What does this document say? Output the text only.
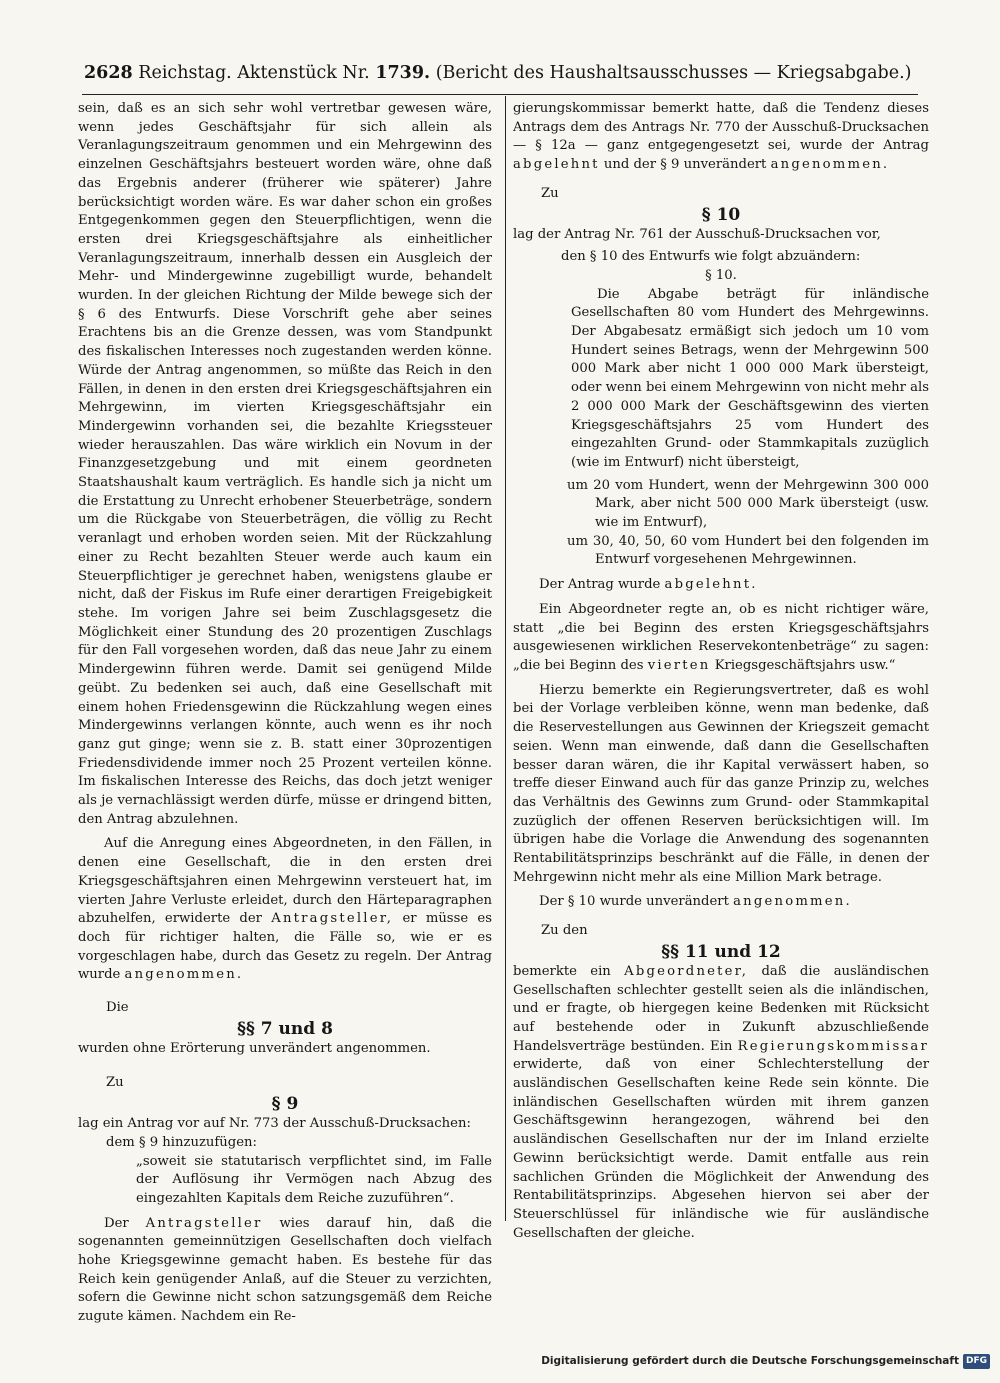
2628 Reichstag. Aktenstück Nr. 1739. (Bericht des Haushaltsausschusses — Kriegsabgabe.)

sein, daß es an sich sehr wohl vertretbar gewesen wäre, wenn jedes Geschäftsjahr für sich allein als Veranlagungszeitraum genommen und ein Mehrgewinn des einzelnen Geschäftsjahrs besteuert worden wäre, ohne daß das Ergebnis anderer (früherer wie späterer) Jahre berücksichtigt worden wäre. Es war daher schon ein großes Entgegenkommen gegen den Steuerpflichtigen, wenn die ersten drei Kriegsgeschäftsjahre als einheitlicher Veranlagungszeitraum, innerhalb dessen ein Ausgleich der Mehr- und Mindergewinne zugebilligt wurde, behandelt wurden. In der gleichen Richtung der Milde bewege sich der § 6 des Entwurfs. Diese Vorschrift gehe aber seines Erachtens bis an die Grenze dessen, was vom Standpunkt des fiskalischen Interesses noch zugestanden werden könne. Würde der Antrag angenommen, so müßte das Reich in den Fällen, in denen in den ersten drei Kriegsgeschäftsjahren ein Mehrgewinn, im vierten Kriegsgeschäftsjahr ein Mindergewinn vorhanden sei, die bezahlte Kriegssteuer wieder herauszahlen. Das wäre wirklich ein Novum in der Finanzgesetzgebung und mit einem geordneten Staatshaushalt kaum verträglich. Es handle sich ja nicht um die Erstattung zu Unrecht erhobener Steuerbeträge, sondern um die Rückgabe von Steuerbeträgen, die völlig zu Recht veranlagt und erhoben worden seien. Mit der Rückzahlung einer zu Recht bezahlten Steuer werde auch kaum ein Steuerpflichtiger je gerechnet haben, wenigstens glaube er nicht, daß der Fiskus im Rufe einer derartigen Freigebigkeit stehe. Im vorigen Jahre sei beim Zuschlagsgesetz die Möglichkeit einer Stundung des 20 prozentigen Zuschlags für den Fall vorgesehen worden, daß das neue Jahr zu einem Mindergewinn führen werde. Damit sei genügend Milde geübt. Zu bedenken sei auch, daß eine Gesellschaft mit einem hohen Friedensgewinn die Rückzahlung wegen eines Mindergewinns verlangen könnte, auch wenn es ihr noch ganz gut ginge; wenn sie z. B. statt einer 30prozentigen Friedensdividende immer noch 25 Prozent verteilen könne. Im fiskalischen Interesse des Reichs, das doch jetzt weniger als je vernachlässigt werden dürfe, müsse er dringend bitten, den Antrag abzulehnen.

Auf die Anregung eines Abgeordneten, in den Fällen, in denen eine Gesellschaft, die in den ersten drei Kriegsgeschäftsjahren einen Mehrgewinn versteuert hat, im vierten Jahre Verluste erleidet, durch den Härteparagraphen abzuhelfen, erwiderte der Antragsteller, er müsse es doch für richtiger halten, die Fälle so, wie er es vorgeschlagen habe, durch das Gesetz zu regeln. Der Antrag wurde angenommen.

Die

§§ 7 und 8

wurden ohne Erörterung unverändert angenommen.

Zu

§ 9

lag ein Antrag vor auf Nr. 773 der Ausschuß-Drucksachen:

dem § 9 hinzuzufügen:

„soweit sie statutarisch verpflichtet sind, im Falle der Auflösung ihr Vermögen nach Abzug des eingezahlten Kapitals dem Reiche zuzuführen“.

Der Antragsteller wies darauf hin, daß die sogenannten gemeinnützigen Gesellschaften doch vielfach hohe Kriegsgewinne gemacht haben. Es bestehe für das Reich kein genügender Anlaß, auf die Steuer zu verzichten, sofern die Gewinne nicht schon satzungsgemäß dem Reiche zugute kämen. Nachdem ein Re-

gierungskommissar bemerkt hatte, daß die Tendenz dieses Antrags dem des Antrags Nr. 770 der Ausschuß-Drucksachen — § 12a — ganz entgegengesetzt sei, wurde der Antrag abgelehnt und der § 9 unverändert angenommen.

Zu

§ 10

lag der Antrag Nr. 761 der Ausschuß-Drucksachen vor,

den § 10 des Entwurfs wie folgt abzuändern:

§ 10.

Die Abgabe beträgt für inländische Gesellschaften 80 vom Hundert des Mehrgewinns. Der Abgabesatz ermäßigt sich jedoch um 10 vom Hundert seines Betrags, wenn der Mehrgewinn 500 000 Mark aber nicht 1 000 000 Mark übersteigt, oder wenn bei einem Mehrgewinn von nicht mehr als 2 000 000 Mark der Geschäftsgewinn des vierten Kriegsgeschäftsjahrs 25 vom Hundert des eingezahlten Grund- oder Stammkapitals zuzüglich (wie im Entwurf) nicht übersteigt,

um 20 vom Hundert, wenn der Mehrgewinn 300 000 Mark, aber nicht 500 000 Mark übersteigt (usw. wie im Entwurf),

um 30, 40, 50, 60 vom Hundert bei den folgenden im Entwurf vorgesehenen Mehrgewinnen.

Der Antrag wurde abgelehnt.

Ein Abgeordneter regte an, ob es nicht richtiger wäre, statt „die bei Beginn des ersten Kriegsgeschäftsjahrs ausgewiesenen wirklichen Reservekontenbeträge“ zu sagen: „die bei Beginn des vierten Kriegsgeschäftsjahrs usw.“

Hierzu bemerkte ein Regierungsvertreter, daß es wohl bei der Vorlage verbleiben könne, wenn man bedenke, daß die Reservestellungen aus Gewinnen der Kriegszeit gemacht seien. Wenn man einwende, daß dann die Gesellschaften besser daran wären, die ihr Kapital verwässert haben, so treffe dieser Einwand auch für das ganze Prinzip zu, welches das Verhältnis des Gewinns zum Grund- oder Stammkapital zuzüglich der offenen Reserven berücksichtigen will. Im übrigen habe die Vorlage die Anwendung des sogenannten Rentabilitätsprinzips beschränkt auf die Fälle, in denen der Mehrgewinn nicht mehr als eine Million Mark betrage.

Der § 10 wurde unverändert angenommen.

Zu den

§§ 11 und 12

bemerkte ein Abgeordneter, daß die ausländischen Gesellschaften schlechter gestellt seien als die inländischen, und er fragte, ob hiergegen keine Bedenken mit Rücksicht auf bestehende oder in Zukunft abzuschließende Handelsverträge bestünden. Ein Regierungskommissar erwiderte, daß von einer Schlechterstellung der ausländischen Gesellschaften keine Rede sein könnte. Die inländischen Gesellschaften würden mit ihrem ganzen Geschäftsgewinn herangezogen, während bei den ausländischen Gesellschaften nur der im Inland erzielte Gewinn berücksichtigt werde. Damit entfalle aus rein sachlichen Gründen die Möglichkeit der Anwendung des Rentabilitätsprinzips. Abgesehen hiervon sei aber der Steuerschlüssel für inländische wie für ausländische Gesellschaften der gleiche.

Digitalisierung gefördert durch die Deutsche Forschungsgemeinschaft DFG
